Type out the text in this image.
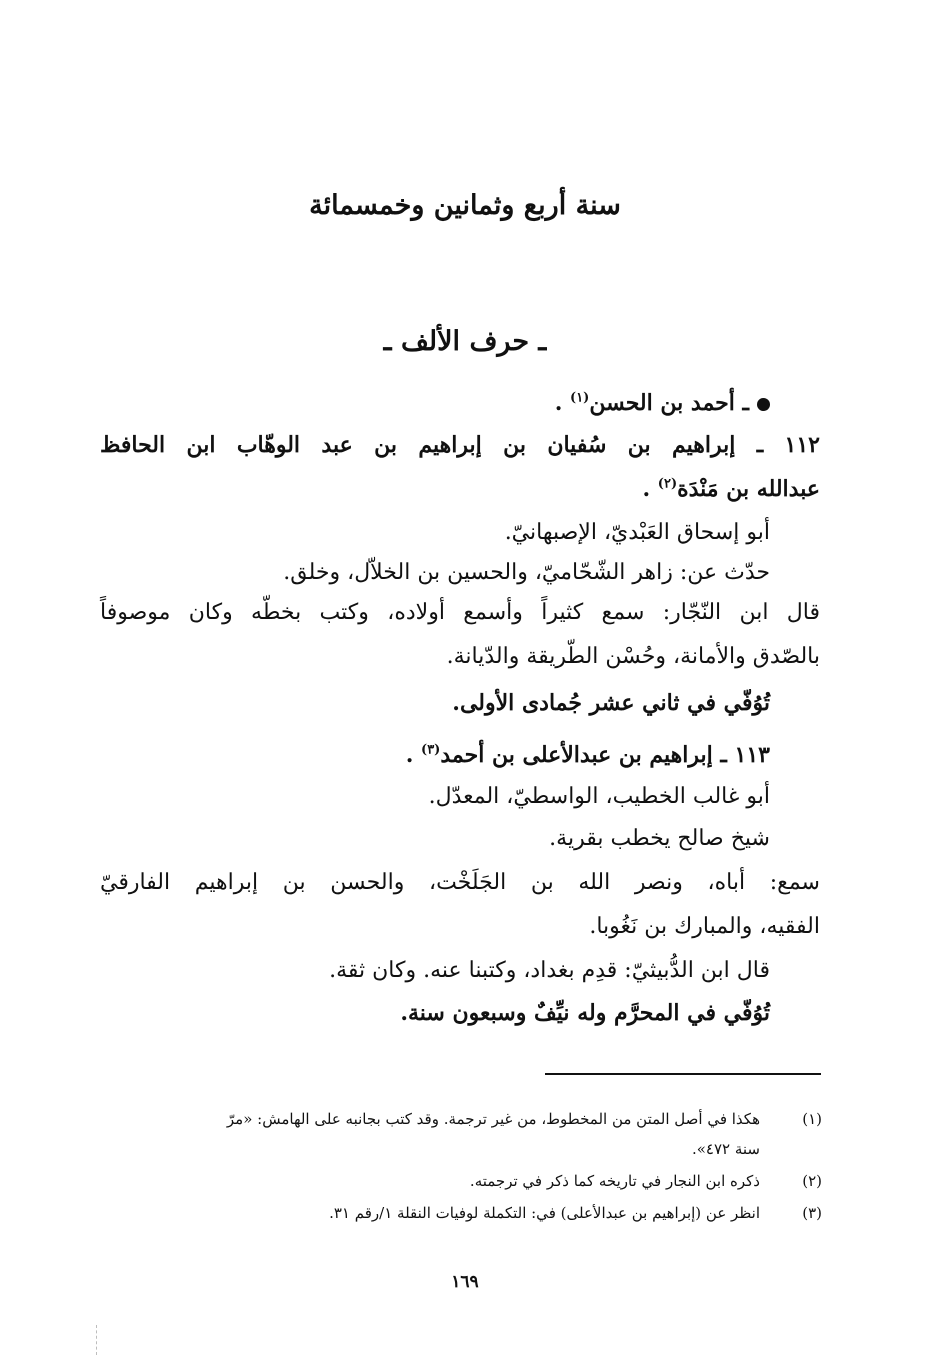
سنة أربع وثمانين وخمسمائة
ـ حرف الألف ـ
ـ أحمد بن الحسن$^{(١)}$ .
١١٢ ـ إبراهيم بن سُفيان بن إبراهيم بن عبد الوهّاب ابن الحافظ
عبدالله بن مَنْدَة$^{(٢)}$ .
أبو إسحاق العَبْديّ، الإصبهانيّ.
حدّث عن: زاهر الشّحّاميّ، والحسين بن الخلاّل، وخلق.
قال ابن النّجّار: سمع كثيراً وأسمع أولاده، وكتب بخطّه وكان موصوفاً
بالصّدق والأمانة، وحُسْن الطّريقة والدّيانة.
تُوُفّي في ثاني عشر جُمادى الأولى.
١١٣ ـ إبراهيم بن عبدالأعلى بن أحمد$^{(٣)}$ .
أبو غالب الخطيب، الواسطيّ، المعدّل.
شيخ صالح يخطب بقرية.
سمع: أباه، ونصر الله بن الجَلَخْت، والحسن بن إبراهيم الفارقيّ
الفقيه، والمبارك بن نَغُوبا.
قال ابن الدُّبيثيّ: قدِم بغداد، وكتبنا عنه. وكان ثقة.
تُوُفّي في المحرَّم وله نيِّفٌ وسبعون سنة.
(١)
هكذا في أصل المتن من المخطوط، من غير ترجمة. وقد كتب بجانبه على الهامش: «مرّ
سنة ٤٧٢».
(٢)
ذكره ابن النجار في تاريخه كما ذكر في ترجمته.
(٣)
انظر عن (إبراهيم بن عبدالأعلى) في: التكملة لوفيات النقلة ١/رقم ٣١.
١٦٩
